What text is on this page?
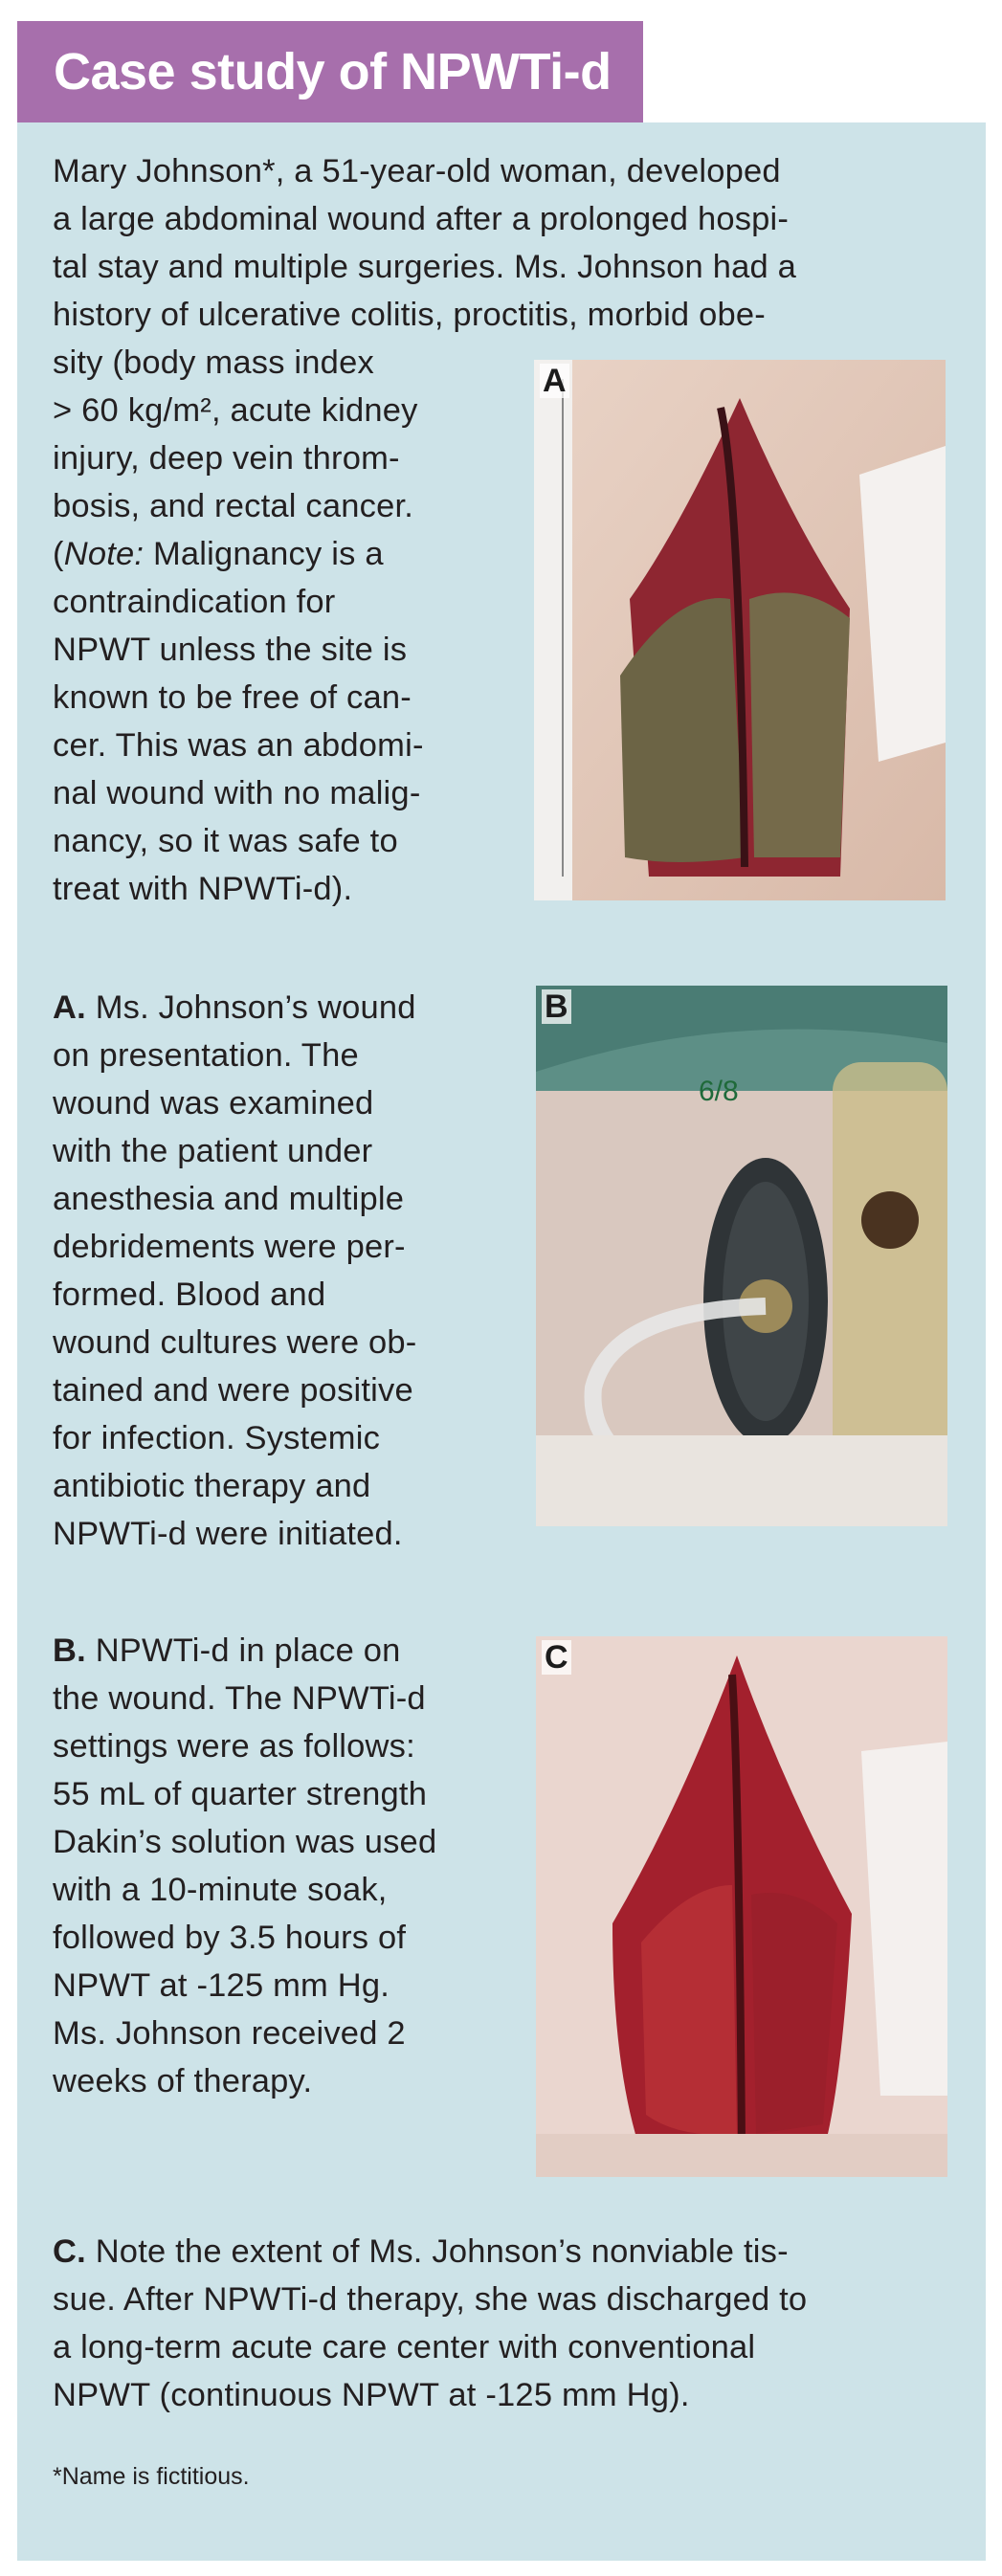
Case study of NPWTi-d
Mary Johnson*, a 51-year-old woman, developed
a large abdominal wound after a prolonged hospi-
tal stay and multiple surgeries. Ms. Johnson had a
history of ulcerative colitis, proctitis, morbid obe-
sity (body mass index
> 60 kg/m², acute kidney
injury, deep vein throm-
bosis, and rectal cancer.
(Note: Malignancy is a
contraindication for
NPWT unless the site is
known to be free of can-
cer. This was an abdomi-
nal wound with no malig-
nancy, so it was safe to
treat with NPWTi-d).
A
A. Ms. Johnson’s wound
on presentation. The
wound was examined
with the patient under
anesthesia and multiple
debridements were per-
formed. Blood and
wound cultures were ob-
tained and were positive
for infection. Systemic
antibiotic therapy and
NPWTi-d were initiated.
6/8
B
B. NPWTi-d in place on
the wound. The NPWTi-d
settings were as follows:
55 mL of quarter strength
Dakin’s solution was used
with a 10-minute soak,
followed by 3.5 hours of
NPWT at -125 mm Hg.
Ms. Johnson received 2
weeks of therapy.
C
C. Note the extent of Ms. Johnson’s nonviable tis-
sue. After NPWTi-d therapy, she was discharged to
a long-term acute care center with conventional
NPWT (continuous NPWT at -125 mm Hg).
*Name is fictitious.
